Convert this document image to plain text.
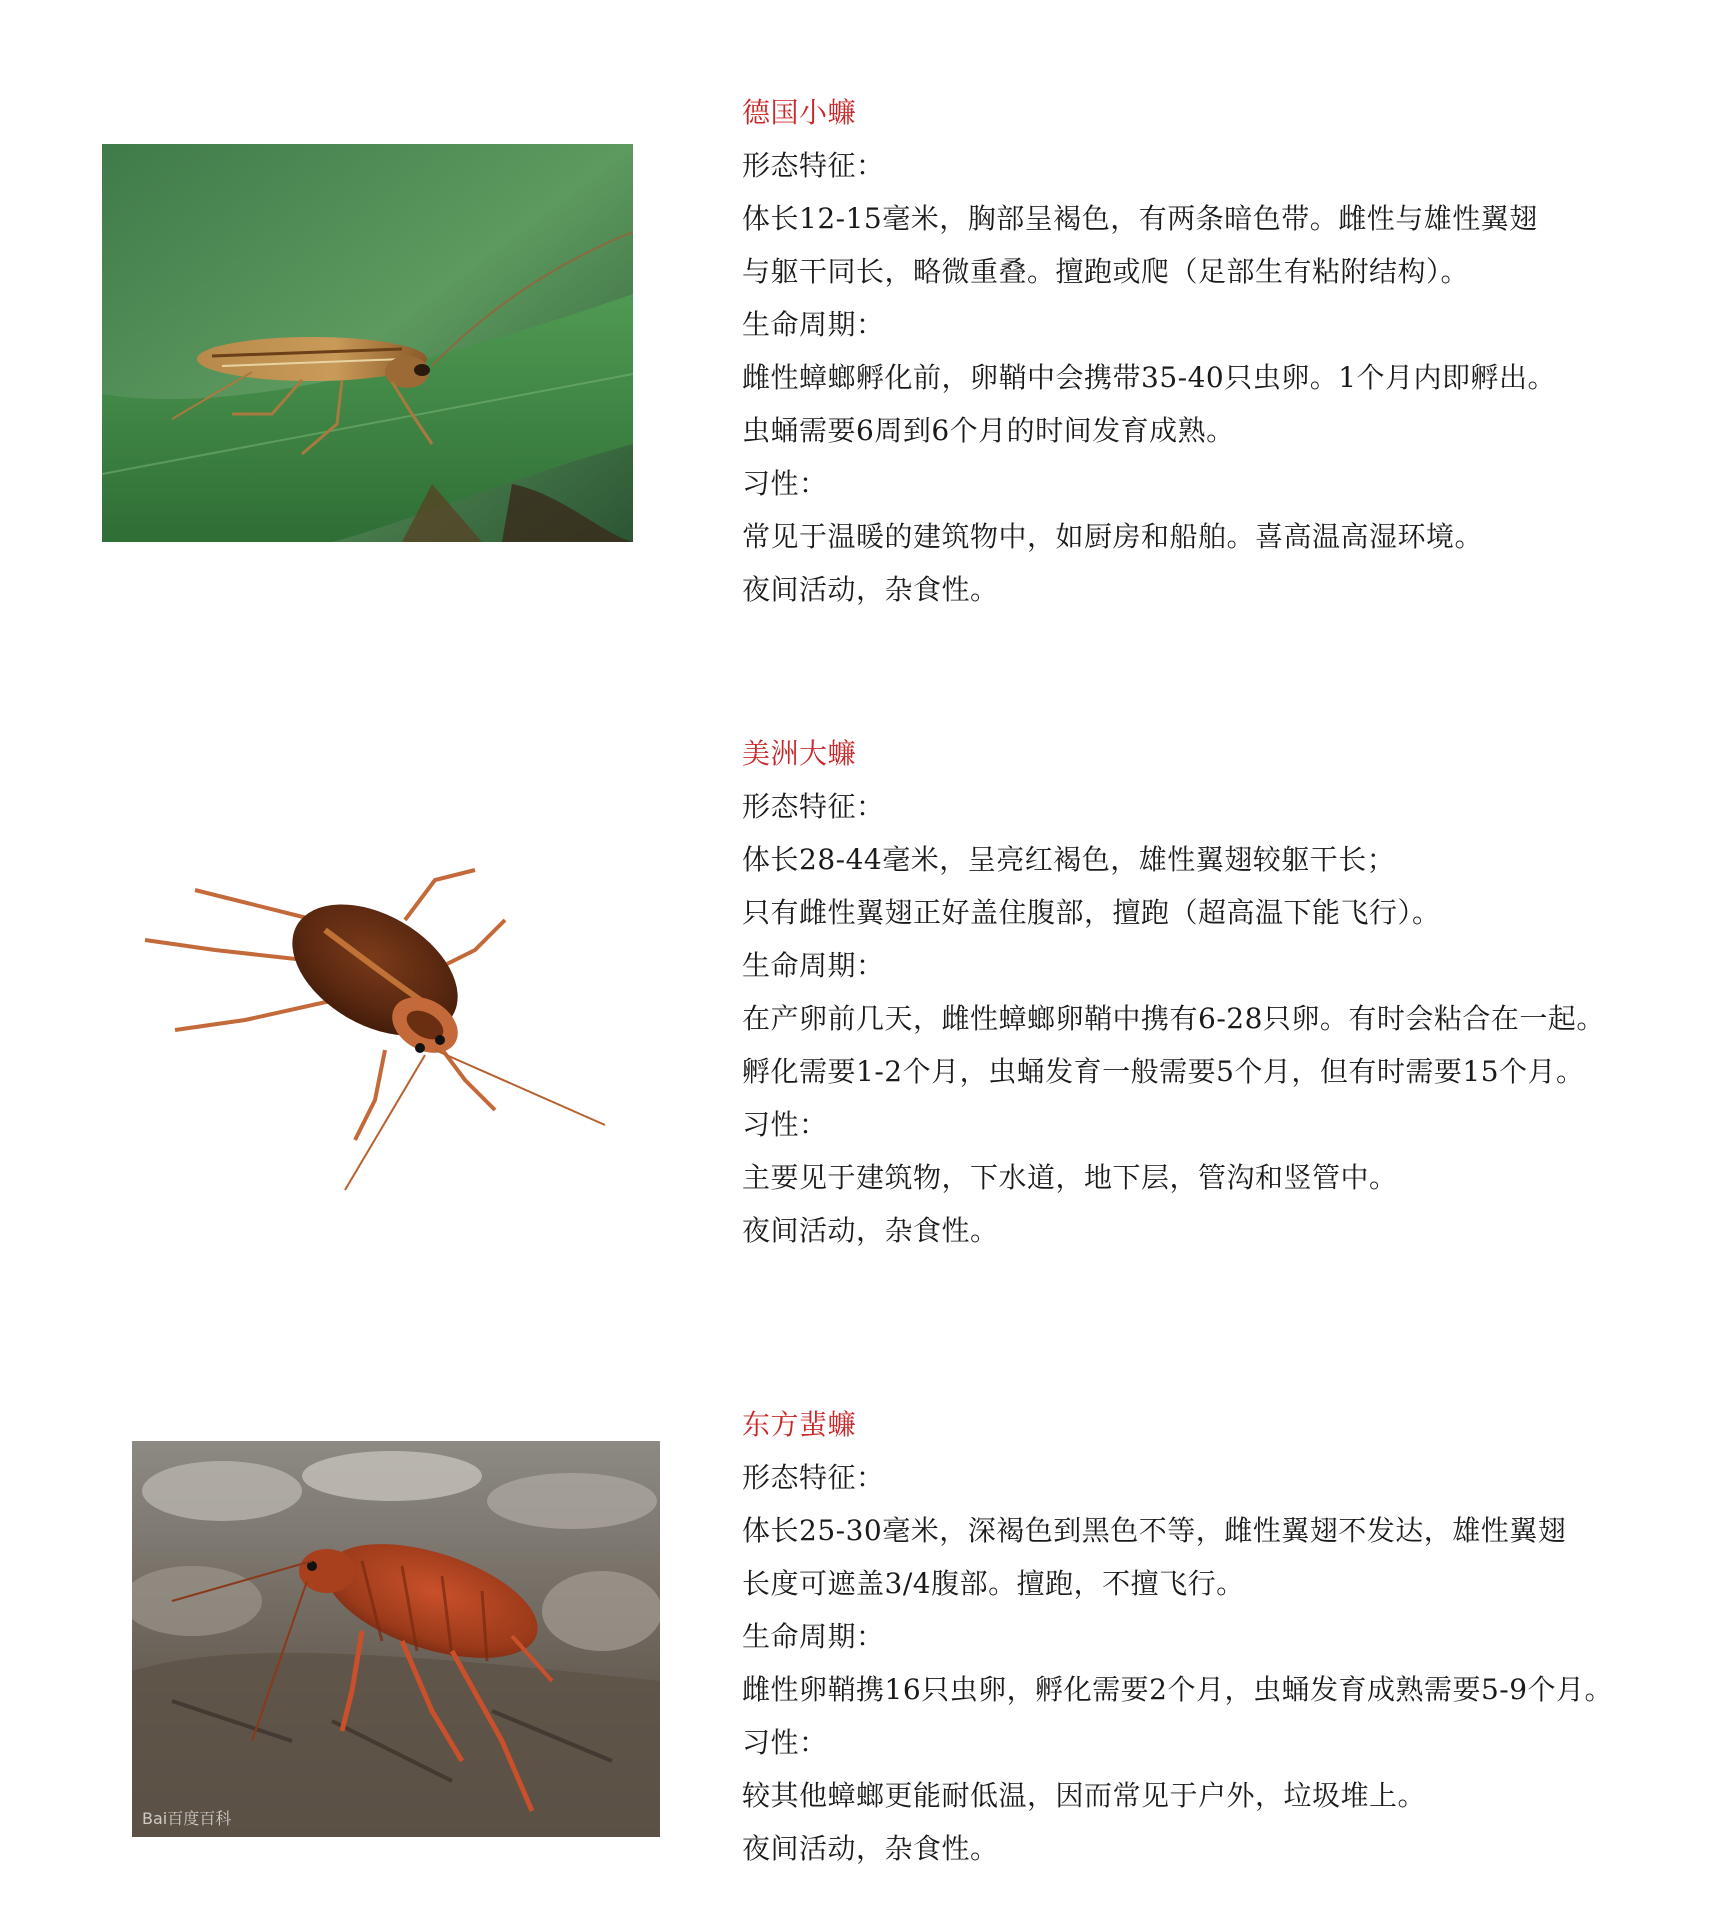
德国小蠊
形态特征：
体长12-15毫米，胸部呈褐色，有两条暗色带。雌性与雄性翼翅
与躯干同长，略微重叠。擅跑或爬（足部生有粘附结构）。
生命周期：
雌性蟑螂孵化前，卵鞘中会携带35-40只虫卵。1个月内即孵出。
虫蛹需要6周到6个月的时间发育成熟。
习性：
常见于温暖的建筑物中，如厨房和船舶。喜高温高湿环境。
夜间活动，杂食性。
美洲大蠊
形态特征：
体长28-44毫米，呈亮红褐色，雄性翼翅较躯干长；
只有雌性翼翅正好盖住腹部，擅跑（超高温下能飞行）。
生命周期：
在产卵前几天，雌性蟑螂卵鞘中携有6-28只卵。有时会粘合在一起。
孵化需要1-2个月，虫蛹发育一般需要5个月，但有时需要15个月。
习性：
主要见于建筑物，下水道，地下层，管沟和竖管中。
夜间活动，杂食性。
Bai百度百科
东方蜚蠊
形态特征：
体长25-30毫米，深褐色到黑色不等，雌性翼翅不发达，雄性翼翅
长度可遮盖3/4腹部。擅跑，不擅飞行。
生命周期：
雌性卵鞘携16只虫卵，孵化需要2个月，虫蛹发育成熟需要5-9个月。
习性：
较其他蟑螂更能耐低温，因而常见于户外，垃圾堆上。
夜间活动，杂食性。
